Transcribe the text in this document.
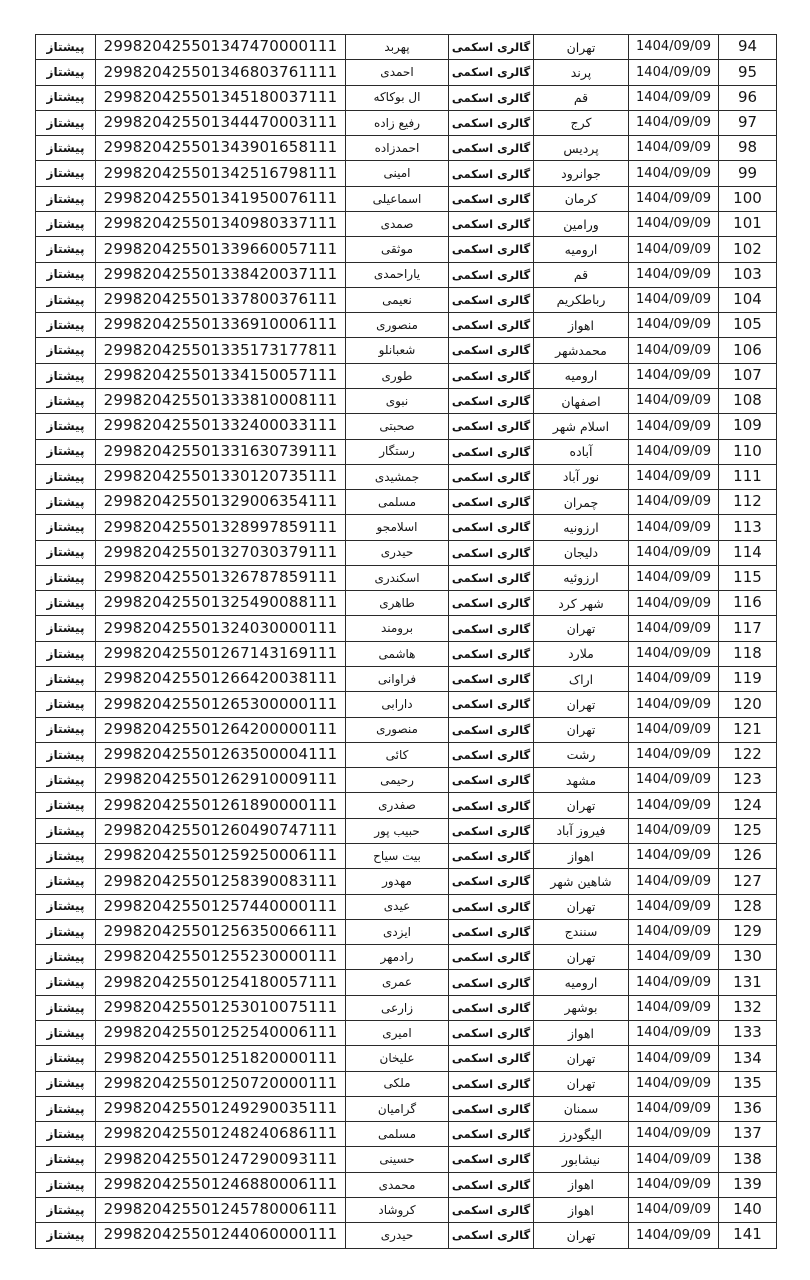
94	1404/09/09	تهران	گالری اسکمی	پهربد	299820425501347470000111	پیشتاز
95	1404/09/09	پرند	گالری اسکمی	احمدی	299820425501346803761111	پیشتاز
96	1404/09/09	قم	گالری اسکمی	ال بوکاکه	299820425501345180037111	پیشتاز
97	1404/09/09	کرج	گالری اسکمی	رفیع زاده	299820425501344470003111	پیشتاز
98	1404/09/09	پردیس	گالری اسکمی	احمدزاده	299820425501343901658111	پیشتاز
99	1404/09/09	جوانرود	گالری اسکمی	امینی	299820425501342516798111	پیشتاز
100	1404/09/09	کرمان	گالری اسکمی	اسماعیلی	299820425501341950076111	پیشتاز
101	1404/09/09	ورامین	گالری اسکمی	صمدی	299820425501340980337111	پیشتاز
102	1404/09/09	ارومیه	گالری اسکمی	موثقی	299820425501339660057111	پیشتاز
103	1404/09/09	قم	گالری اسکمی	یاراحمدی	299820425501338420037111	پیشتاز
104	1404/09/09	رباطکریم	گالری اسکمی	نعیمی	299820425501337800376111	پیشتاز
105	1404/09/09	اهواز	گالری اسکمی	منصوری	299820425501336910006111	پیشتاز
106	1404/09/09	محمدشهر	گالری اسکمی	شعبانلو	299820425501335173177811	پیشتاز
107	1404/09/09	ارومیه	گالری اسکمی	طوری	299820425501334150057111	پیشتاز
108	1404/09/09	اصفهان	گالری اسکمی	نبوی	299820425501333810008111	پیشتاز
109	1404/09/09	اسلام شهر	گالری اسکمی	صحبتی	299820425501332400033111	پیشتاز
110	1404/09/09	آباده	گالری اسکمی	رستگار	299820425501331630739111	پیشتاز
111	1404/09/09	نور آباد	گالری اسکمی	جمشیدی	299820425501330120735111	پیشتاز
112	1404/09/09	چمران	گالری اسکمی	مسلمی	299820425501329006354111	پیشتاز
113	1404/09/09	ارزونیه	گالری اسکمی	اسلامجو	299820425501328997859111	پیشتاز
114	1404/09/09	دلیجان	گالری اسکمی	حیدری	299820425501327030379111	پیشتاز
115	1404/09/09	ارزوئیه	گالری اسکمی	اسکندری	299820425501326787859111	پیشتاز
116	1404/09/09	شهر کرد	گالری اسکمی	طاهری	299820425501325490088111	پیشتاز
117	1404/09/09	تهران	گالری اسکمی	برومند	299820425501324030000111	پیشتاز
118	1404/09/09	ملارد	گالری اسکمی	هاشمی	299820425501267143169111	پیشتاز
119	1404/09/09	اراک	گالری اسکمی	فراوانی	299820425501266420038111	پیشتاز
120	1404/09/09	تهران	گالری اسکمی	دارابی	299820425501265300000111	پیشتاز
121	1404/09/09	تهران	گالری اسکمی	منصوری	299820425501264200000111	پیشتاز
122	1404/09/09	رشت	گالری اسکمی	کائی	299820425501263500004111	پیشتاز
123	1404/09/09	مشهد	گالری اسکمی	رحیمی	299820425501262910009111	پیشتاز
124	1404/09/09	تهران	گالری اسکمی	صفدری	299820425501261890000111	پیشتاز
125	1404/09/09	فیروز آباد	گالری اسکمی	حبیب پور	299820425501260490747111	پیشتاز
126	1404/09/09	اهواز	گالری اسکمی	بیت سیاح	299820425501259250006111	پیشتاز
127	1404/09/09	شاهین شهر	گالری اسکمی	مهدور	299820425501258390083111	پیشتاز
128	1404/09/09	تهران	گالری اسکمی	عیدی	299820425501257440000111	پیشتاز
129	1404/09/09	سنندج	گالری اسکمی	ایزدی	299820425501256350066111	پیشتاز
130	1404/09/09	تهران	گالری اسکمی	رادمهر	299820425501255230000111	پیشتاز
131	1404/09/09	ارومیه	گالری اسکمی	عمری	299820425501254180057111	پیشتاز
132	1404/09/09	بوشهر	گالری اسکمی	زارعی	299820425501253010075111	پیشتاز
133	1404/09/09	اهواز	گالری اسکمی	امیری	299820425501252540006111	پیشتاز
134	1404/09/09	تهران	گالری اسکمی	علیخان	299820425501251820000111	پیشتاز
135	1404/09/09	تهران	گالری اسکمی	ملکی	299820425501250720000111	پیشتاز
136	1404/09/09	سمنان	گالری اسکمی	گرامیان	299820425501249290035111	پیشتاز
137	1404/09/09	الیگودرز	گالری اسکمی	مسلمی	299820425501248240686111	پیشتاز
138	1404/09/09	نیشابور	گالری اسکمی	حسینی	299820425501247290093111	پیشتاز
139	1404/09/09	اهواز	گالری اسکمی	محمدی	299820425501246880006111	پیشتاز
140	1404/09/09	اهواز	گالری اسکمی	کروشاد	299820425501245780006111	پیشتاز
141	1404/09/09	تهران	گالری اسکمی	حیدری	299820425501244060000111	پیشتاز
